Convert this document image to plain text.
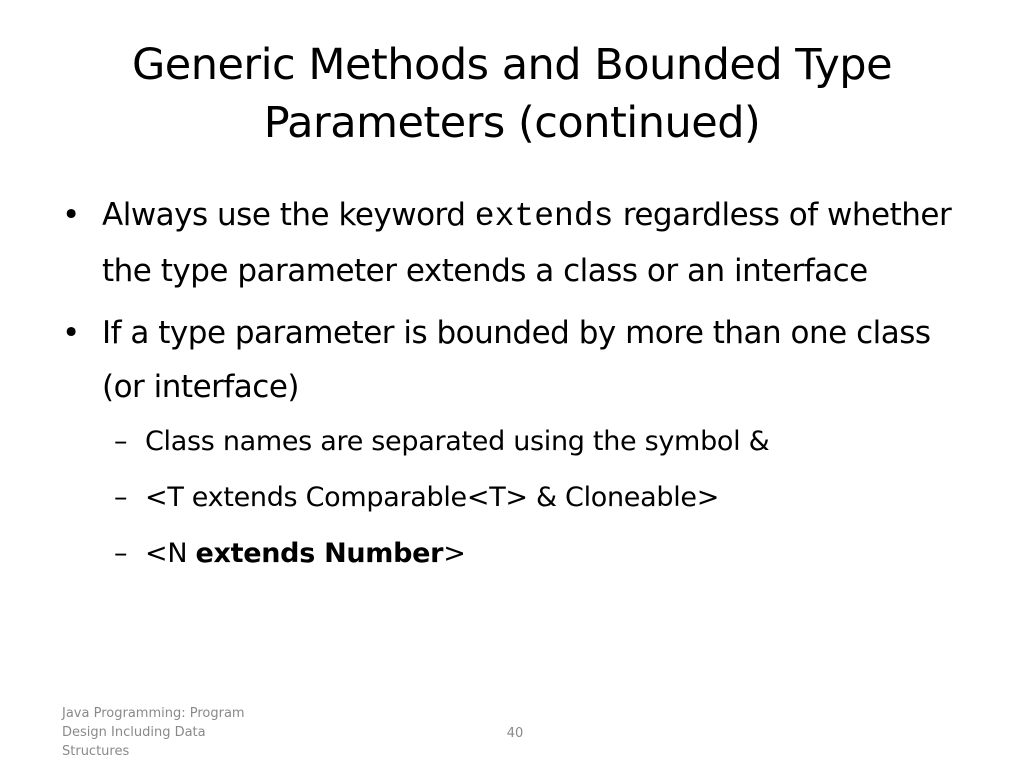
Generic Methods and Bounded Type
Parameters (continued)
• Always use the keyword extends regardless of whether the type parameter extends a class or an interface
• If a type parameter is bounded by more than one class (or interface)
– Class names are separated using the symbol &
– <T extends Comparable<T> & Cloneable>
– <N extends Number>
Java Programming: Program Design Including Data Structures
40
